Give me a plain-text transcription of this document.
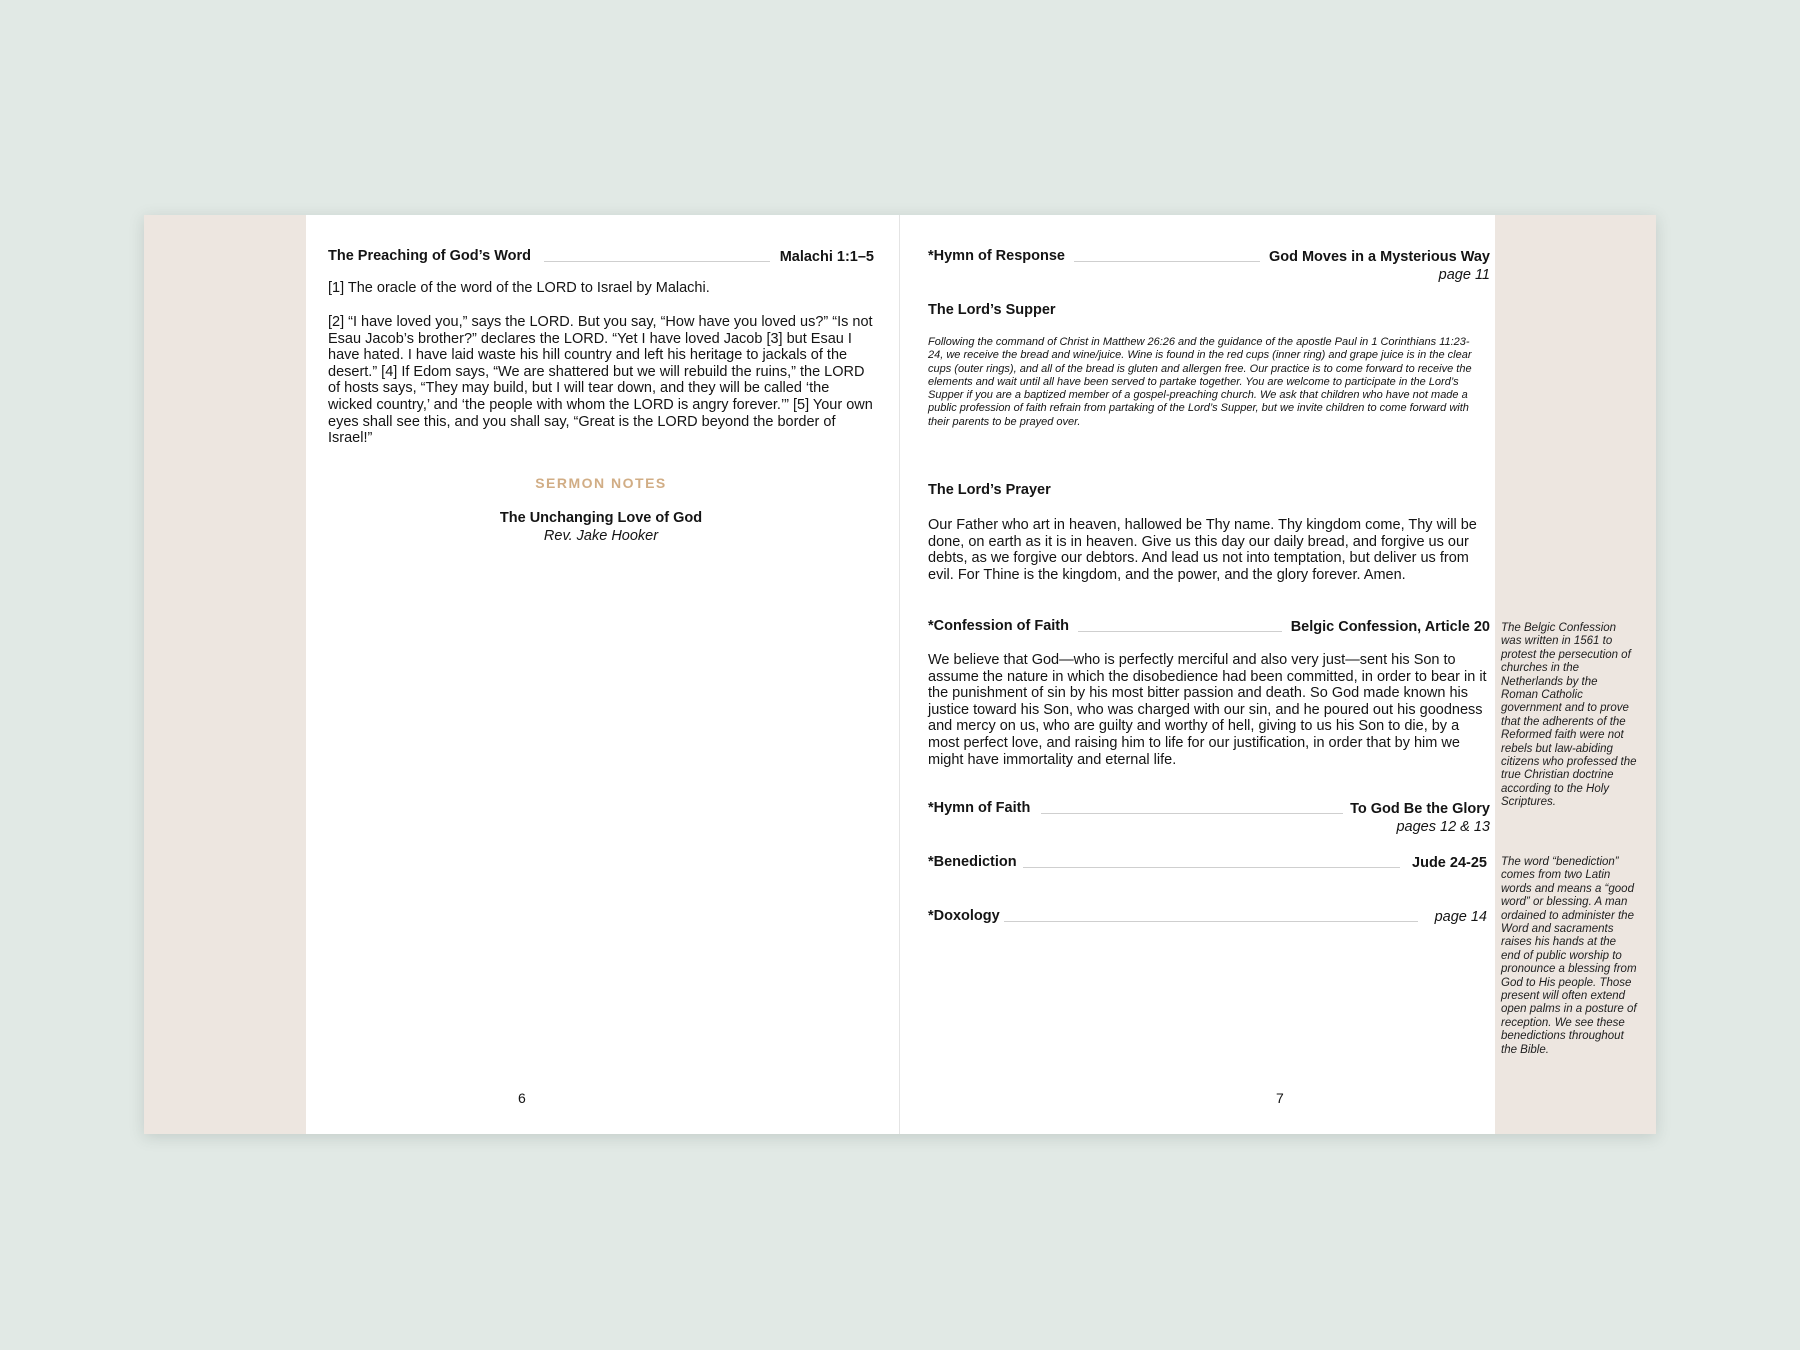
The Preaching of God’s Word	Malachi 1:1–5

[1] The oracle of the word of the LORD to Israel by Malachi.

[2] “I have loved you,” says the LORD. But you say, “How have you loved us?” “Is not Esau Jacob’s brother?” declares the LORD. “Yet I have loved Jacob [3] but Esau I have hated. I have laid waste his hill country and left his heritage to jackals of the desert.” [4] If Edom says, “We are shattered but we will rebuild the ruins,” the LORD of hosts says, “They may build, but I will tear down, and they will be called ‘the wicked country,’ and ‘the people with whom the LORD is angry forever.’” [5] Your own eyes shall see this, and you shall say, “Great is the LORD beyond the border of Israel!”

SERMON NOTES
The Unchanging Love of God
Rev. Jake Hooker
6
*Hymn of Response	God Moves in a Mysterious Way
page 11
The Lord’s Supper

Following the command of Christ in Matthew 26:26 and the guidance of the apostle Paul in 1 Corinthians 11:23-24, we receive the bread and wine/juice. Wine is found in the red cups (inner ring) and grape juice is in the clear cups (outer rings), and all of the bread is gluten and allergen free. Our practice is to come forward to receive the elements and wait until all have been served to partake together. You are welcome to participate in the Lord’s Supper if you are a baptized member of a gospel-preaching church. We ask that children who have not made a public profession of faith refrain from partaking of the Lord’s Supper, but we invite children to come forward with their parents to be prayed over.

The Lord’s Prayer

Our Father who art in heaven, hallowed be Thy name. Thy kingdom come, Thy will be done, on earth as it is in heaven. Give us this day our daily bread, and forgive us our debts, as we forgive our debtors. And lead us not into temptation, but deliver us from evil. For Thine is the kingdom, and the power, and the glory forever. Amen.

*Confession of Faith	Belgic Confession, Article 20

We believe that God—who is perfectly merciful and also very just—sent his Son to assume the nature in which the disobedience had been committed, in order to bear in it the punishment of sin by his most bitter passion and death. So God made known his justice toward his Son, who was charged with our sin, and he poured out his goodness and mercy on us, who are guilty and worthy of hell, giving to us his Son to die, by a most perfect love, and raising him to life for our justification, in order that by him we might have immortality and eternal life.

*Hymn of Faith	To God Be the Glory
pages 12 & 13
*Benediction	Jude 24-25
*Doxology	page 14
7

The Belgic Confession was written in 1561 to protest the persecution of churches in the Netherlands by the Roman Catholic government and to prove that the adherents of the Reformed faith were not rebels but law-abiding citizens who professed the true Christian doctrine according to the Holy Scriptures.

The word “benediction” comes from two Latin words and means a “good word” or blessing. A man ordained to administer the Word and sacraments raises his hands at the end of public worship to pronounce a blessing from God to His people. Those present will often extend open palms in a posture of reception. We see these benedictions throughout the Bible.
